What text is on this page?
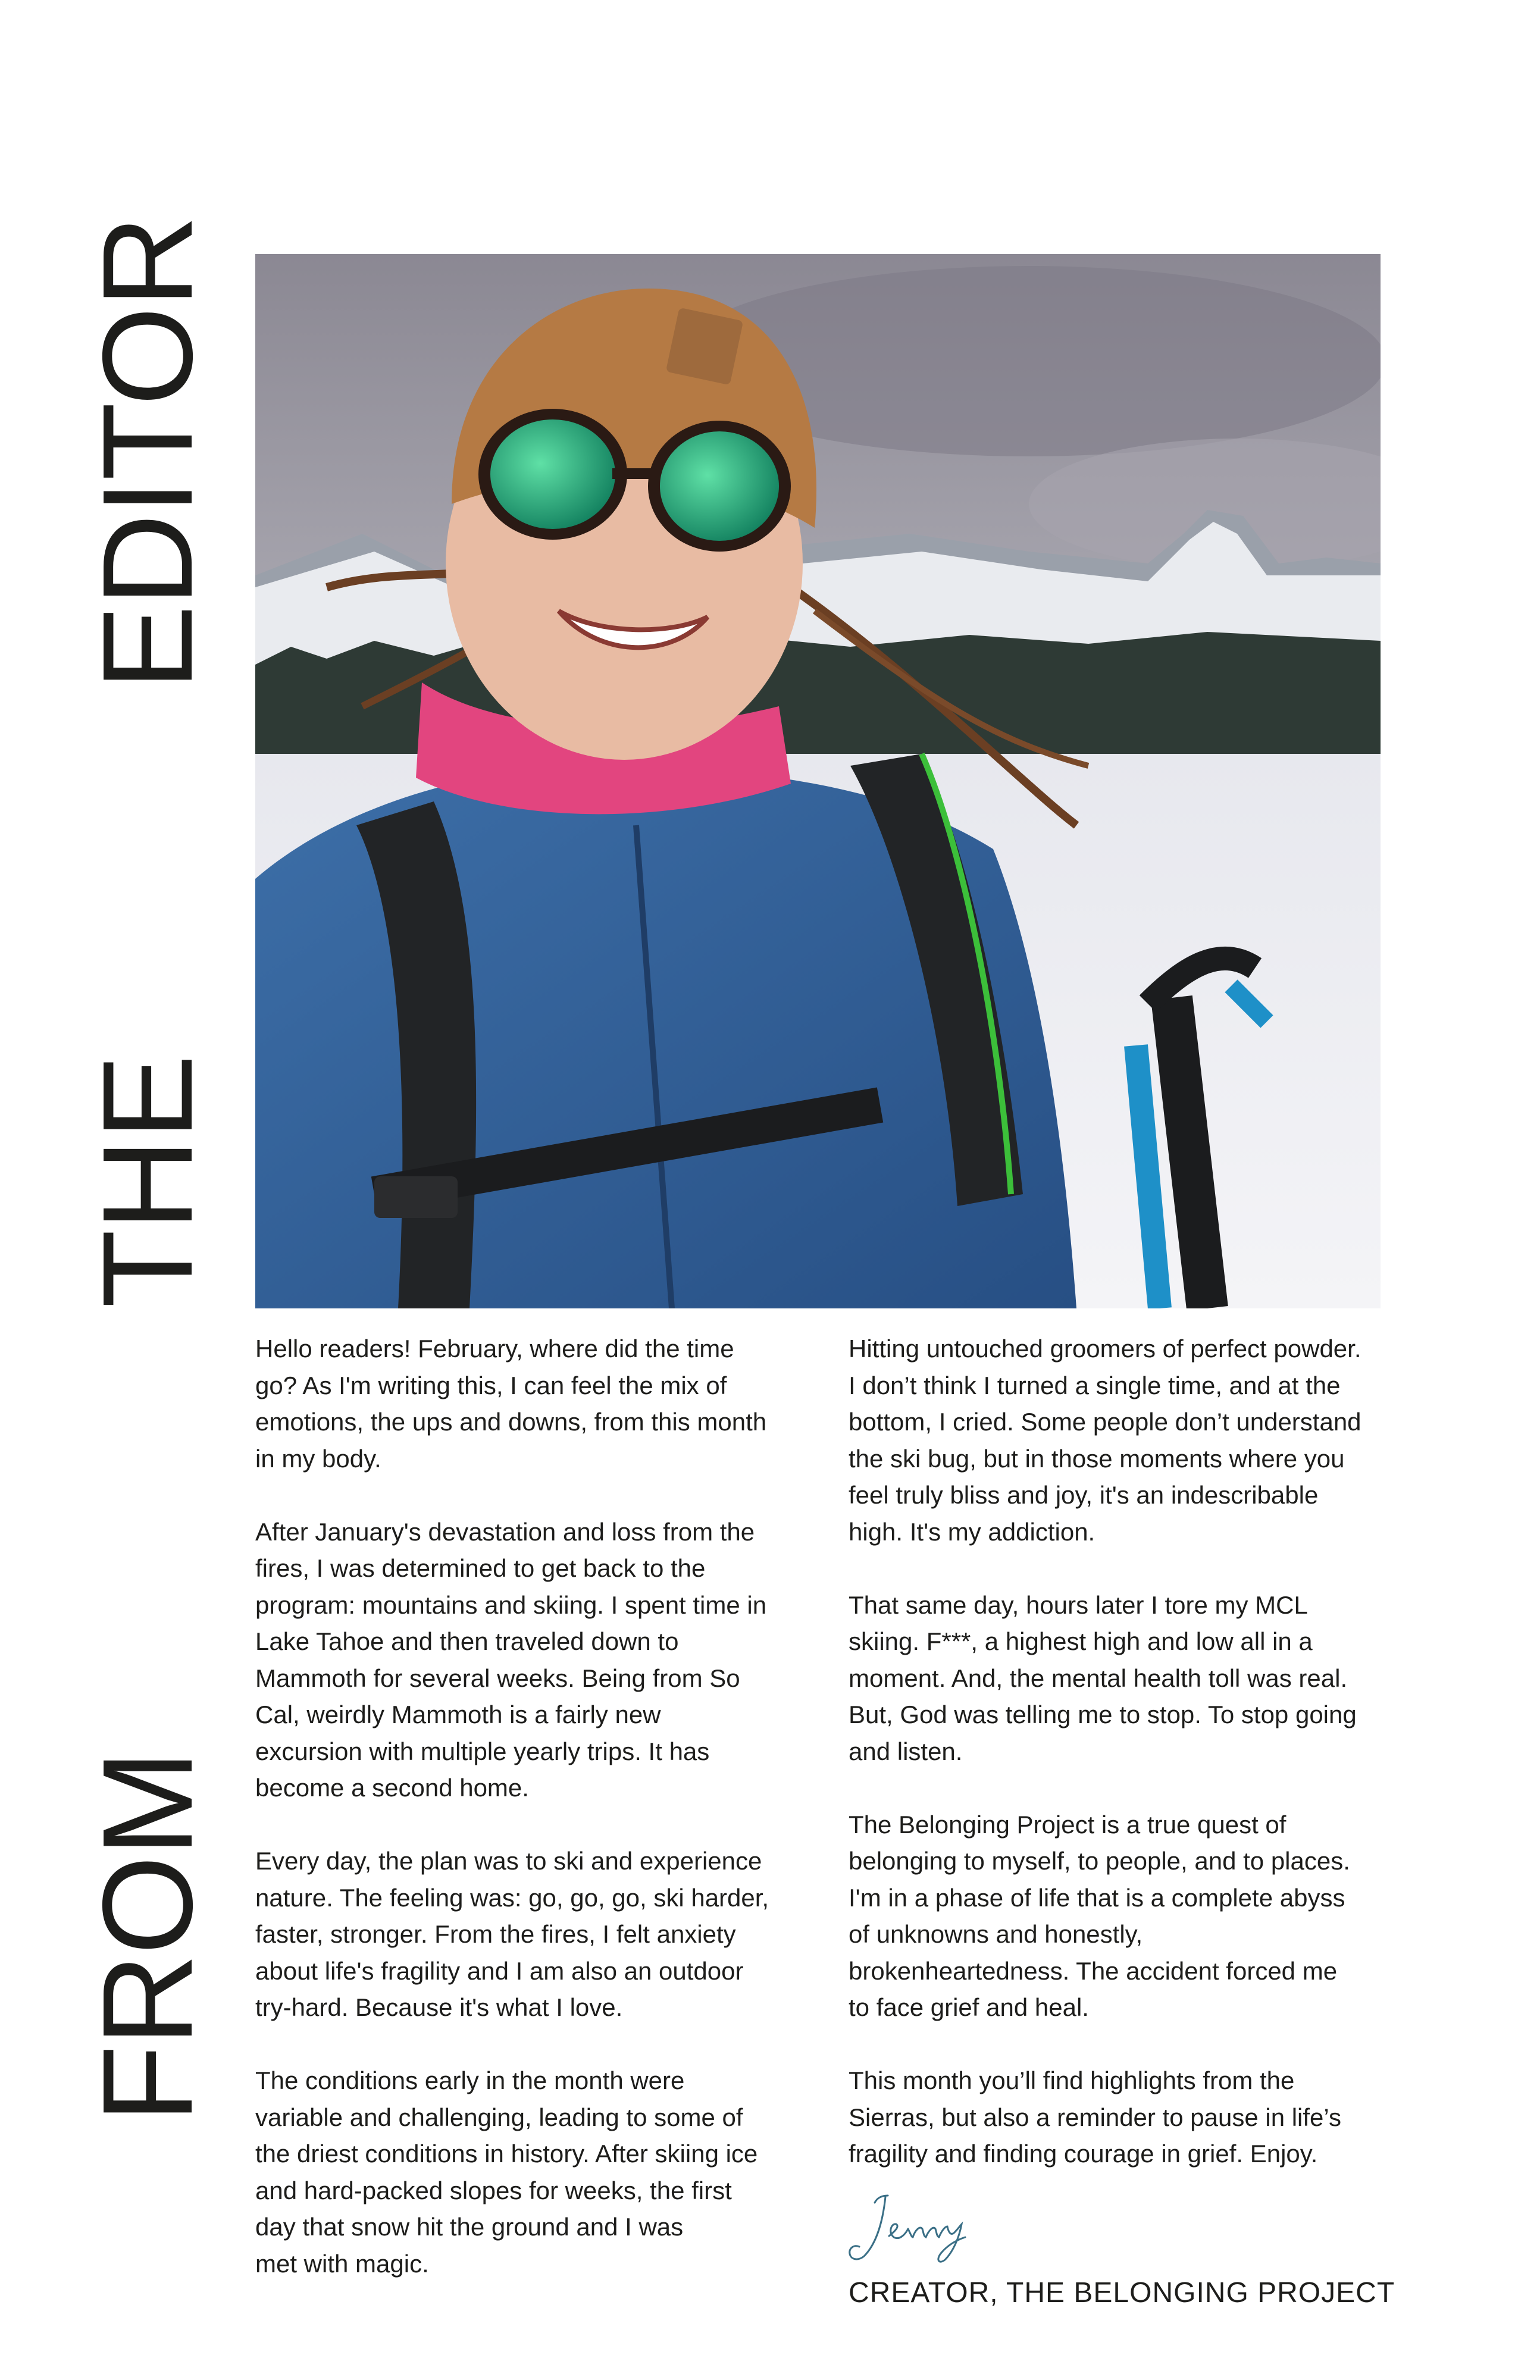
FROM
THE
EDITOR

Hello readers! February, where did the time
go? As I'm writing this, I can feel the mix of
emotions, the ups and downs, from this month
in my body.

After January's devastation and loss from the
fires, I was determined to get back to the
program: mountains and skiing. I spent time in
Lake Tahoe and then traveled down to
Mammoth for several weeks. Being from So
Cal, weirdly Mammoth is a fairly new
excursion with multiple yearly trips. It has
become a second home.

Every day, the plan was to ski and experience
nature. The feeling was: go, go, go, ski harder,
faster, stronger. From the fires, I felt anxiety
about life's fragility and I am also an outdoor
try-hard. Because it's what I love.

The conditions early in the month were
variable and challenging, leading to some of
the driest conditions in history. After skiing ice
and hard-packed slopes for weeks, the first
day that snow hit the ground and I was
met with magic.

Hitting untouched groomers of perfect powder.
I don’t think I turned a single time, and at the
bottom, I cried. Some people don’t understand
the ski bug, but in those moments where you
feel truly bliss and joy, it's an indescribable
high. It's my addiction.

That same day, hours later I tore my MCL
skiing. F***, a highest high and low all in a
moment. And, the mental health toll was real.
But, God was telling me to stop. To stop going
and listen.

The Belonging Project is a true quest of
belonging to myself, to people, and to places.
I'm in a phase of life that is a complete abyss
of unknowns and honestly,
brokenheartedness. The accident forced me
to face grief and heal.

This month you’ll find highlights from the
Sierras, but also a reminder to pause in life’s
fragility and finding courage in grief. Enjoy.

CREATOR, THE BELONGING PROJECT
